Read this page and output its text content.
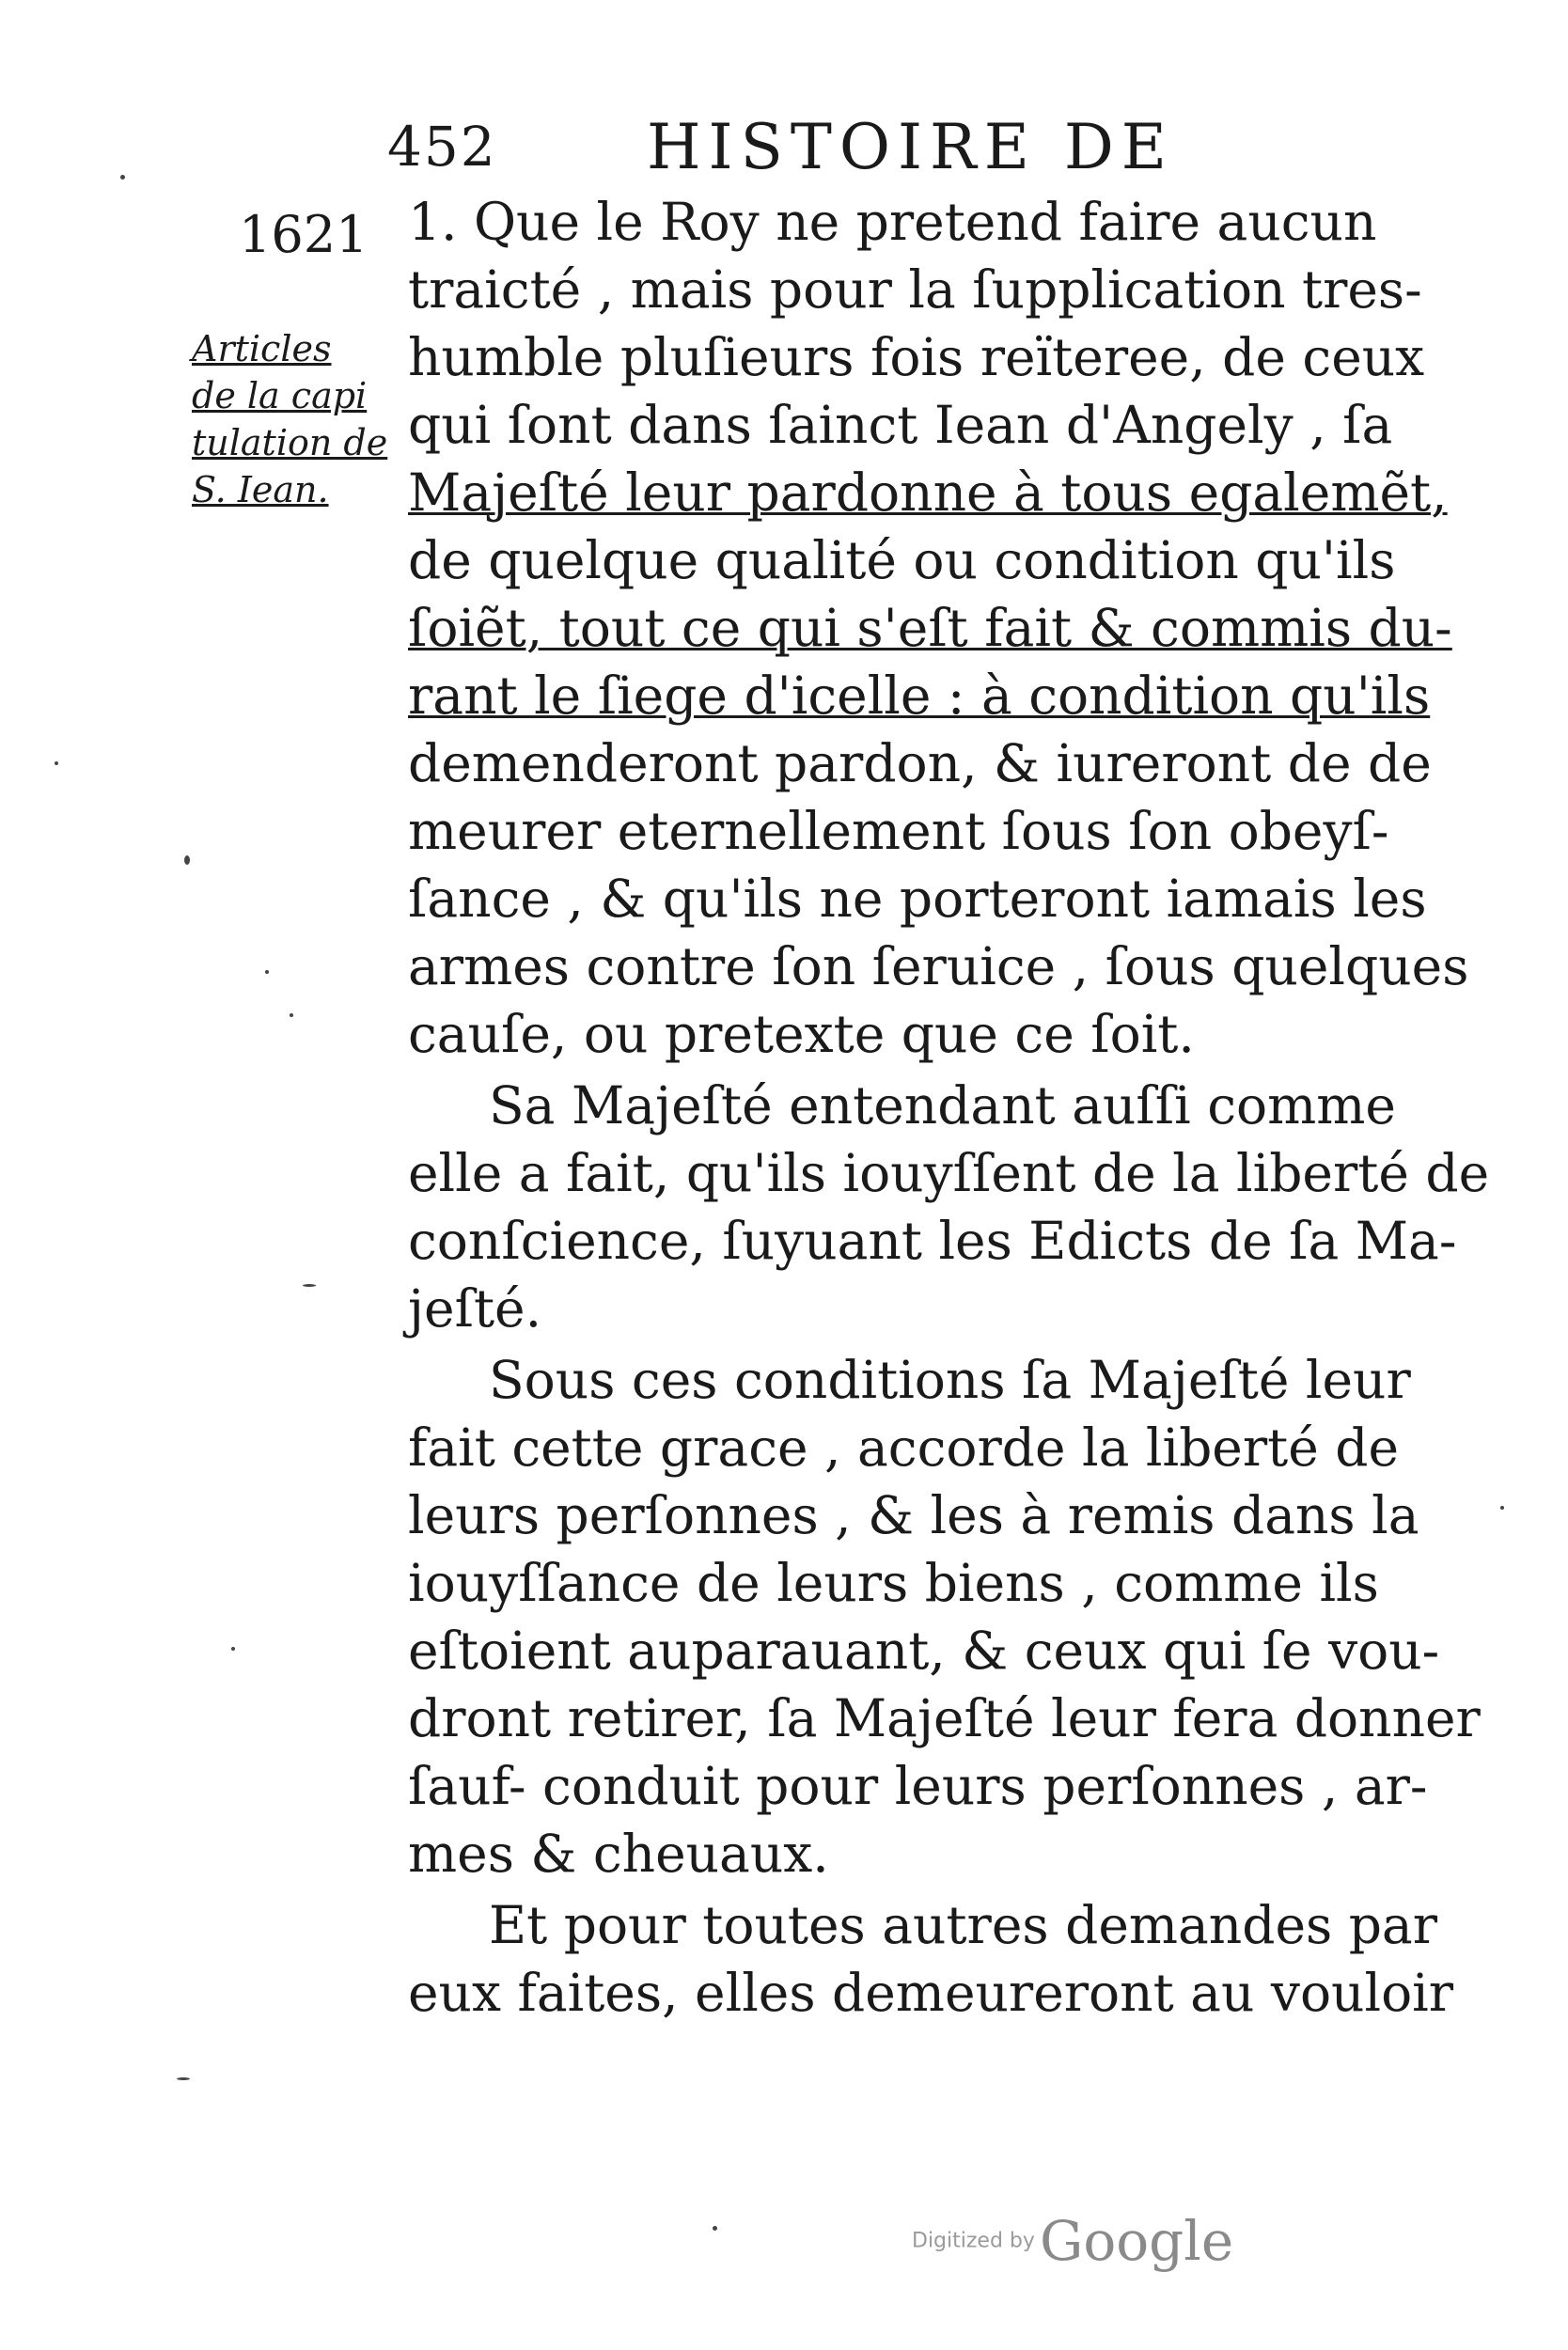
452 HISTOIRE DE
1621
Articles
de la capi
tulation de
S. Iean.

1. Que le Roy ne pretend faire aucun
traicté , mais pour la ſupplication tres-
humble pluſieurs fois reïteree, de ceux
qui ſont dans ſainct Iean d'Angely , ſa
Majeſté leur pardonne à tous egalemẽt,
de quelque qualité ou condition qu'ils
ſoiẽt, tout ce qui s'eſt fait & commis du-
rant le ſiege d'icelle : à condition qu'ils
demenderont pardon, & iureront de de
meurer eternellement ſous ſon obeyſ-
ſance , & qu'ils ne porteront iamais les
armes contre ſon ſeruice , ſous quelques
cauſe, ou pretexte que ce ſoit.

Sa Majeſté entendant auſſi comme
elle a fait, qu'ils iouyſſent de la liberté de
conſcience, ſuyuant les Edicts de ſa Ma-
jeſté.

Sous ces conditions ſa Majeſté leur
fait cette grace , accorde la liberté de
leurs perſonnes , & les à remis dans la
iouyſſance de leurs biens , comme ils
eſtoient auparauant, & ceux qui ſe vou-
dront retirer, ſa Majeſté leur fera donner
ſauf- conduit pour leurs perſonnes , ar-
mes & cheuaux.

Et pour toutes autres demandes par
eux faites, elles demeureront au vouloir

Digitized by Google
